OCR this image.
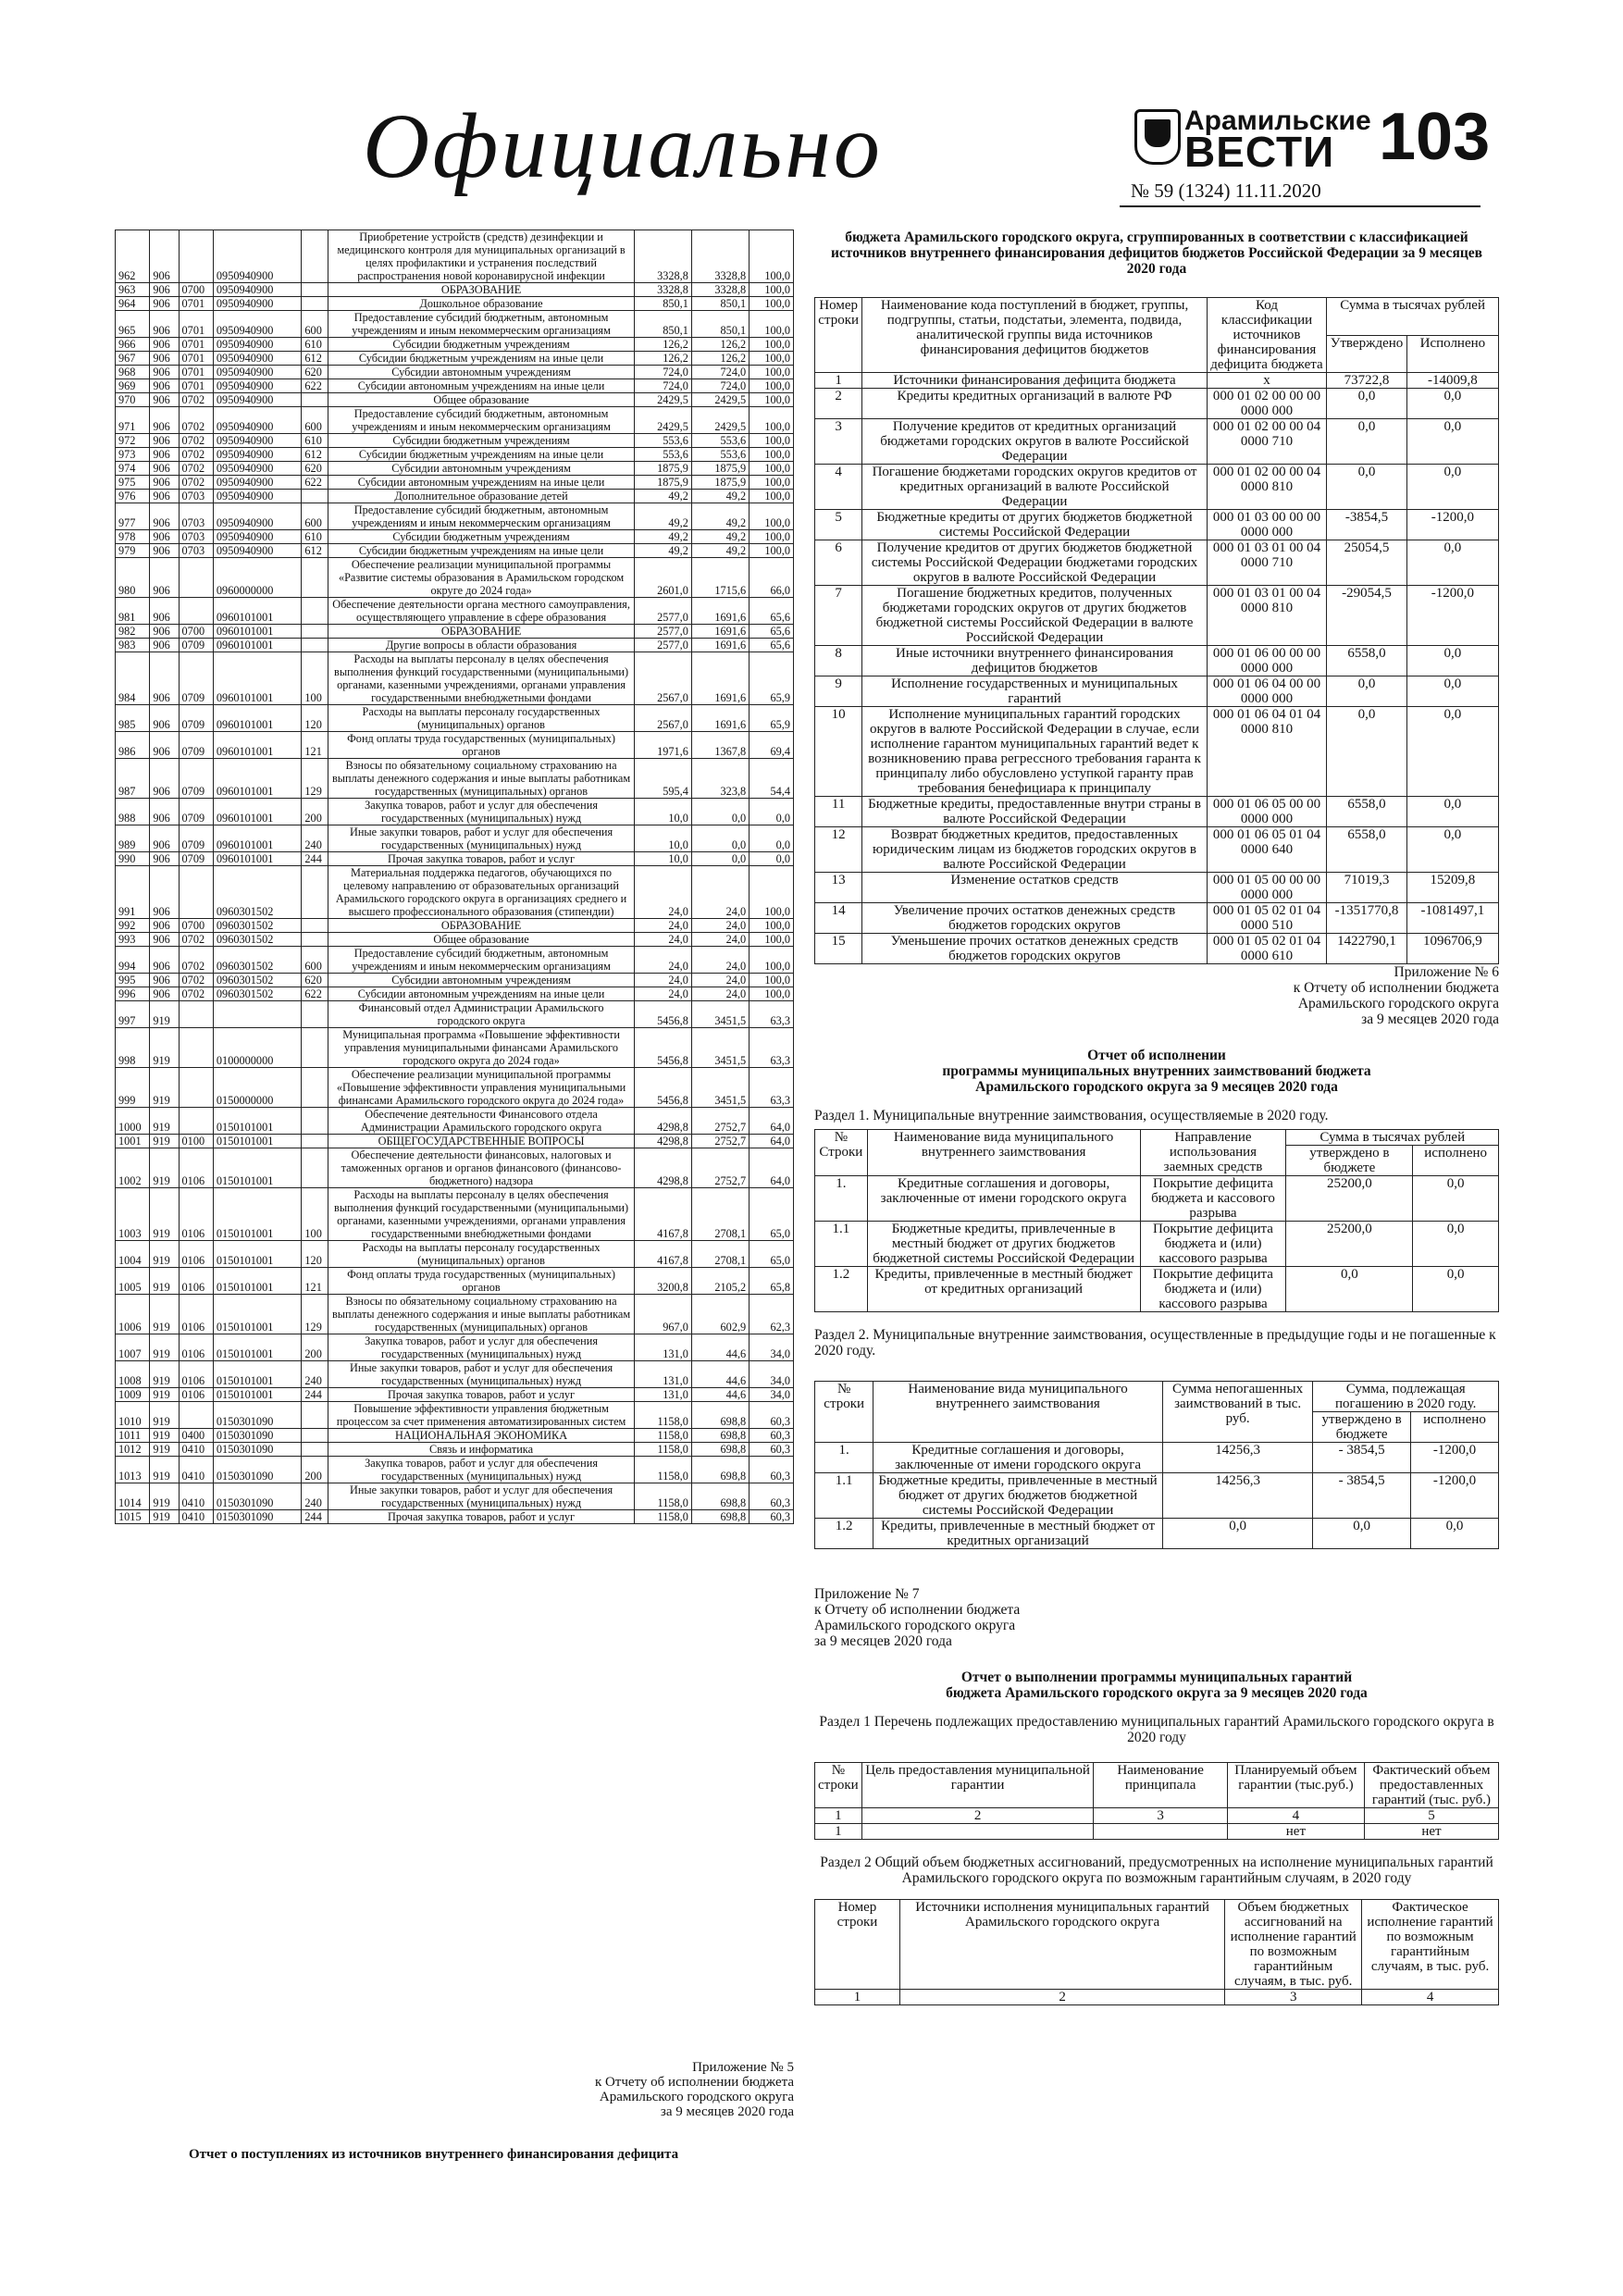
Официально	Арамильские
ВЕСТИ 103
№ 59 (1324) 11.11.2020
962	906		0950940900		Приобретение устройств (средств) дезинфекции и медицинского контроля для муниципальных организаций в целях профилактики и устранения последствий распространения новой коронавирусной инфекции	3328,8	3328,8	100,0
963	906	0700	0950940900		ОБРАЗОВАНИЕ	3328,8	3328,8	100,0
964	906	0701	0950940900		Дошкольное образование	850,1	850,1	100,0
965	906	0701	0950940900	600	Предоставление субсидий бюджетным, автономным учреждениям и иным некоммерческим организациям	850,1	850,1	100,0
966	906	0701	0950940900	610	Субсидии бюджетным учреждениям	126,2	126,2	100,0
967	906	0701	0950940900	612	Субсидии бюджетным учреждениям на иные цели	126,2	126,2	100,0
968	906	0701	0950940900	620	Субсидии автономным учреждениям	724,0	724,0	100,0
969	906	0701	0950940900	622	Субсидии автономным учреждениям на иные цели	724,0	724,0	100,0
970	906	0702	0950940900		Общее образование	2429,5	2429,5	100,0
971	906	0702	0950940900	600	Предоставление субсидий бюджетным, автономным учреждениям и иным некоммерческим организациям	2429,5	2429,5	100,0
972	906	0702	0950940900	610	Субсидии бюджетным учреждениям	553,6	553,6	100,0
973	906	0702	0950940900	612	Субсидии бюджетным учреждениям на иные цели	553,6	553,6	100,0
974	906	0702	0950940900	620	Субсидии автономным учреждениям	1875,9	1875,9	100,0
975	906	0702	0950940900	622	Субсидии автономным учреждениям на иные цели	1875,9	1875,9	100,0
976	906	0703	0950940900		Дополнительное образование детей	49,2	49,2	100,0
977	906	0703	0950940900	600	Предоставление субсидий бюджетным, автономным учреждениям и иным некоммерческим организациям	49,2	49,2	100,0
978	906	0703	0950940900	610	Субсидии бюджетным учреждениям	49,2	49,2	100,0
979	906	0703	0950940900	612	Субсидии бюджетным учреждениям на иные цели	49,2	49,2	100,0
980	906		0960000000		Обеспечение реализации муниципальной программы «Развитие системы образования в Арамильском городском округе до 2024 года»	2601,0	1715,6	66,0
981	906		0960101001		Обеспечение деятельности органа местного самоуправления, осуществляющего управление в сфере образования	2577,0	1691,6	65,6
982	906	0700	0960101001		ОБРАЗОВАНИЕ	2577,0	1691,6	65,6
983	906	0709	0960101001		Другие вопросы в области образования	2577,0	1691,6	65,6
984	906	0709	0960101001	100	Расходы на выплаты персоналу в целях обеспечения выполнения функций государственными (муниципальными) органами, казенными учреждениями, органами управления государственными внебюджетными фондами	2567,0	1691,6	65,9
985	906	0709	0960101001	120	Расходы на выплаты персоналу государственных (муниципальных) органов	2567,0	1691,6	65,9
986	906	0709	0960101001	121	Фонд оплаты труда государственных (муниципальных) органов	1971,6	1367,8	69,4
987	906	0709	0960101001	129	Взносы по обязательному социальному страхованию на выплаты денежного содержания и иные выплаты работникам государственных (муниципальных) органов	595,4	323,8	54,4
988	906	0709	0960101001	200	Закупка товаров, работ и услуг для обеспечения государственных (муниципальных) нужд	10,0	0,0	0,0
989	906	0709	0960101001	240	Иные закупки товаров, работ и услуг для обеспечения государственных (муниципальных) нужд	10,0	0,0	0,0
990	906	0709	0960101001	244	Прочая закупка товаров, работ и услуг	10,0	0,0	0,0
991	906		0960301502		Материальная поддержка педагогов, обучающихся по целевому направлению от образовательных организаций Арамильского городского округа в организациях среднего и высшего профессионального образования (стипендии)	24,0	24,0	100,0
992	906	0700	0960301502		ОБРАЗОВАНИЕ	24,0	24,0	100,0
993	906	0702	0960301502		Общее образование	24,0	24,0	100,0
994	906	0702	0960301502	600	Предоставление субсидий бюджетным, автономным учреждениям и иным некоммерческим организациям	24,0	24,0	100,0
995	906	0702	0960301502	620	Субсидии автономным учреждениям	24,0	24,0	100,0
996	906	0702	0960301502	622	Субсидии автономным учреждениям на иные цели	24,0	24,0	100,0
997	919				Финансовый отдел Администрации Арамильского городского округа	5456,8	3451,5	63,3
998	919		0100000000		Муниципальная программа «Повышение эффективности управления муниципальными финансами Арамильского городского округа до 2024 года»	5456,8	3451,5	63,3
999	919		0150000000		Обеспечение реализации муниципальной программы «Повышение эффективности управления муниципальными финансами Арамильского городского округа до 2024 года»	5456,8	3451,5	63,3
1000	919		0150101001		Обеспечение деятельности Финансового отдела Администрации Арамильского городского округа	4298,8	2752,7	64,0
1001	919	0100	0150101001		ОБЩЕГОСУДАРСТВЕННЫЕ ВОПРОСЫ	4298,8	2752,7	64,0
1002	919	0106	0150101001		Обеспечение деятельности финансовых, налоговых и таможенных органов и органов финансового (финансово-бюджетного) надзора	4298,8	2752,7	64,0
1003	919	0106	0150101001	100	Расходы на выплаты персоналу в целях обеспечения выполнения функций государственными (муниципальными) органами, казенными учреждениями, органами управления государственными внебюджетными фондами	4167,8	2708,1	65,0
1004	919	0106	0150101001	120	Расходы на выплаты персоналу государственных (муниципальных) органов	4167,8	2708,1	65,0
1005	919	0106	0150101001	121	Фонд оплаты труда государственных (муниципальных) органов	3200,8	2105,2	65,8
1006	919	0106	0150101001	129	Взносы по обязательному социальному страхованию на выплаты денежного содержания и иные выплаты работникам государственных (муниципальных) органов	967,0	602,9	62,3
1007	919	0106	0150101001	200	Закупка товаров, работ и услуг для обеспечения государственных (муниципальных) нужд	131,0	44,6	34,0
1008	919	0106	0150101001	240	Иные закупки товаров, работ и услуг для обеспечения государственных (муниципальных) нужд	131,0	44,6	34,0
1009	919	0106	0150101001	244	Прочая закупка товаров, работ и услуг	131,0	44,6	34,0
1010	919		0150301090		Повышение эффективности управления бюджетным процессом за счет применения автоматизированных систем	1158,0	698,8	60,3
1011	919	0400	0150301090		НАЦИОНАЛЬНАЯ ЭКОНОМИКА	1158,0	698,8	60,3
1012	919	0410	0150301090		Связь и информатика	1158,0	698,8	60,3
1013	919	0410	0150301090	200	Закупка товаров, работ и услуг для обеспечения государственных (муниципальных) нужд	1158,0	698,8	60,3
1014	919	0410	0150301090	240	Иные закупки товаров, работ и услуг для обеспечения государственных (муниципальных) нужд	1158,0	698,8	60,3
1015	919	0410	0150301090	244	Прочая закупка товаров, работ и услуг	1158,0	698,8	60,3
Приложение № 5
к Отчету об исполнении бюджета
Арамильского городского округа
за 9 месяцев 2020 года
Отчет о поступлениях из источников внутреннего финансирования дефицита
бюджета Арамильского городского округа, сгруппированных в соответствии с классификацией источников внутреннего финансирования дефицитов бюджетов Российской Федерации за 9 месяцев 2020 года
Номер строки	Наименование кода поступлений в бюджет, группы, подгруппы, статьи, подстатьи, элемента, подвида, аналитической группы вида источников финансирования дефицитов бюджетов	Код классификации источников финансирования дефицита бюджета	Сумма в тысячах рублей	
			Утверждено	Исполнено
1	Источники финансирования дефицита бюджета	x	73722,8	-14009,8
2	Кредиты кредитных организаций в валюте РФ	000 01 02 00 00 00 0000 000	0,0	0,0
3	Получение кредитов от кредитных организаций бюджетами городских округов в валюте Российской Федерации	000 01 02 00 00 04 0000 710	0,0	0,0
4	Погашение бюджетами городских округов кредитов от кредитных организаций в валюте Российской Федерации	000 01 02 00 00 04 0000 810	0,0	0,0
5	Бюджетные кредиты от других бюджетов бюджетной системы Российской Федерации	000 01 03 00 00 00 0000 000	-3854,5	-1200,0
6	Получение кредитов от других бюджетов бюджетной системы Российской Федерации бюджетами городских округов в валюте Российской Федерации	000 01 03 01 00 04 0000 710	25054,5	0,0
7	Погашение бюджетных кредитов, полученных бюджетами городских округов от других бюджетов бюджетной системы Российской Федерации в валюте Российской Федерации	000 01 03 01 00 04 0000 810	-29054,5	-1200,0
8	Иные источники внутреннего финансирования дефицитов бюджетов	000 01 06 00 00 00 0000 000	6558,0	0,0
9	Исполнение государственных и муниципальных гарантий	000 01 06 04 00 00 0000 000	0,0	0,0
10	Исполнение муниципальных гарантий городских округов в валюте Российской Федерации в случае, если исполнение гарантом муниципальных гарантий ведет к возникновению права регрессного требования гаранта к принципалу либо обусловлено уступкой гаранту прав требования бенефициара к принципалу	000 01 06 04 01 04 0000 810	0,0	0,0
11	Бюджетные кредиты, предоставленные внутри страны в валюте Российской Федерации	000 01 06 05 00 00 0000 000	6558,0	0,0
12	Возврат бюджетных кредитов, предоставленных юридическим лицам из бюджетов городских округов в валюте Российской Федерации	000 01 06 05 01 04 0000 640	6558,0	0,0
13	Изменение остатков средств	000 01 05 00 00 00 0000 000	71019,3	15209,8
14	Увеличение прочих остатков денежных средств бюджетов городских округов	000 01 05 02 01 04 0000 510	-1351770,8	-1081497,1
15	Уменьшение прочих остатков денежных средств бюджетов городских округов	000 01 05 02 01 04 0000 610	1422790,1	1096706,9
Приложение № 6
к Отчету об исполнении бюджета
Арамильского городского округа
за 9 месяцев 2020 года
Отчет об исполнении
программы муниципальных внутренних заимствований бюджета
Арамильского городского округа за 9 месяцев 2020 года
Раздел 1. Муниципальные внутренние заимствования, осуществляемые в 2020 году.
№ Строки	Наименование вида муниципального внутреннего заимствования	Направление использования заемных средств	Сумма в тысячах рублей	
			утверждено в бюджете	исполнено
1.	Кредитные соглашения и договоры, заключенные от имени городского округа	Покрытие дефицита бюджета и кассового разрыва	25200,0	0,0
1.1	Бюджетные кредиты, привлеченные в местный бюджет от других бюджетов бюджетной системы Российской Федерации	Покрытие дефицита бюджета и (или) кассового разрыва	25200,0	0,0
1.2	Кредиты, привлеченные в местный бюджет от кредитных организаций	Покрытие дефицита бюджета и (или) кассового разрыва	0,0	0,0
Раздел 2. Муниципальные внутренние заимствования, осуществленные в предыдущие годы и не погашенные к 2020 году.
№ строки	Наименование вида муниципального внутреннего заимствования	Сумма непогашенных заимствований в тыс. руб.	Сумма, подлежащая погашению в 2020 году.	
			утверждено в бюджете	исполнено
1.	Кредитные соглашения и договоры, заключенные от имени городского округа	14256,3	- 3854,5	-1200,0
1.1	Бюджетные кредиты, привлеченные в местный бюджет от других бюджетов бюджетной системы Российской Федерации	14256,3	- 3854,5	-1200,0
1.2	Кредиты, привлеченные в местный бюджет от кредитных организаций	0,0	0,0	0,0
Приложение № 7
к Отчету об исполнении бюджета
Арамильского городского округа
за 9 месяцев 2020 года
Отчет о выполнении программы муниципальных гарантий
бюджета Арамильского городского округа за 9 месяцев 2020 года
Раздел 1 Перечень подлежащих предоставлению муниципальных гарантий Арамильского городского округа в 2020 году
№ строки	Цель предоставления муниципальной гарантии	Наименование принципала	Планируемый объем гарантии (тыс.руб.)	Фактический объем предоставленных гарантий (тыс. руб.)
1	2	3	4	5
1			нет	нет
Раздел 2 Общий объем бюджетных ассигнований, предусмотренных на исполнение муниципальных гарантий Арамильского городского округа по возможным гарантийным случаям, в 2020 году
Номер строки	Источники исполнения муниципальных гарантий Арамильского городского округа	Объем бюджетных ассигнований на исполнение гарантий по возможным гарантийным случаям, в тыс. руб.	Фактическое исполнение гарантий по возможным гарантийным случаям, в тыс. руб.
1	2	3	4
